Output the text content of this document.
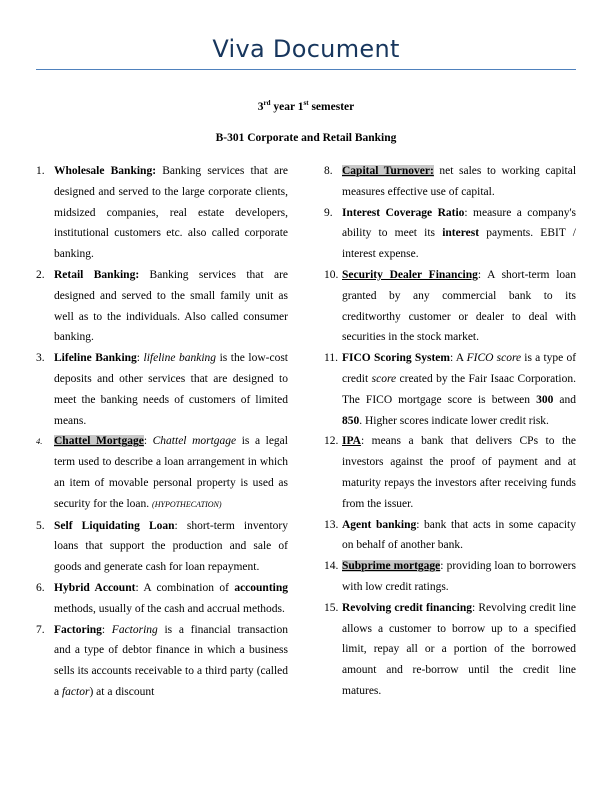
Viva Document
3rd year 1st semester
B-301 Corporate and Retail Banking
1. Wholesale Banking: Banking services that are designed and served to the large corporate clients, midsized companies, real estate developers, institutional customers etc. also called corporate banking.
2. Retail Banking: Banking services that are designed and served to the small family unit as well as to the individuals. Also called consumer banking.
3. Lifeline Banking: lifeline banking is the low-cost deposits and other services that are designed to meet the banking needs of customers of limited means.
4. Chattel Mortgage: Chattel mortgage is a legal term used to describe a loan arrangement in which an item of movable personal property is used as security for the loan. (HYPOTHECATION)
5. Self Liquidating Loan: short-term inventory loans that support the production and sale of goods and generate cash for loan repayment.
6. Hybrid Account: A combination of accounting methods, usually of the cash and accrual methods.
7. Factoring: Factoring is a financial transaction and a type of debtor finance in which a business sells its accounts receivable to a third party (called a factor) at a discount
8. Capital Turnover: net sales to working capital measures effective use of capital.
9. Interest Coverage Ratio: measure a company's ability to meet its interest payments. EBIT / interest expense.
10. Security Dealer Financing: A short-term loan granted by any commercial bank to its creditworthy customer or dealer to deal with securities in the stock market.
11. FICO Scoring System: A FICO score is a type of credit score created by the Fair Isaac Corporation. The FICO mortgage score is between 300 and 850. Higher scores indicate lower credit risk.
12. IPA: means a bank that delivers CPs to the investors against the proof of payment and at maturity repays the investors after receiving funds from the issuer.
13. Agent banking: bank that acts in some capacity on behalf of another bank.
14. Subprime mortgage: providing loan to borrowers with low credit ratings.
15. Revolving credit financing: Revolving credit line allows a customer to borrow up to a specified limit, repay all or a portion of the borrowed amount and re-borrow until the credit line matures.
